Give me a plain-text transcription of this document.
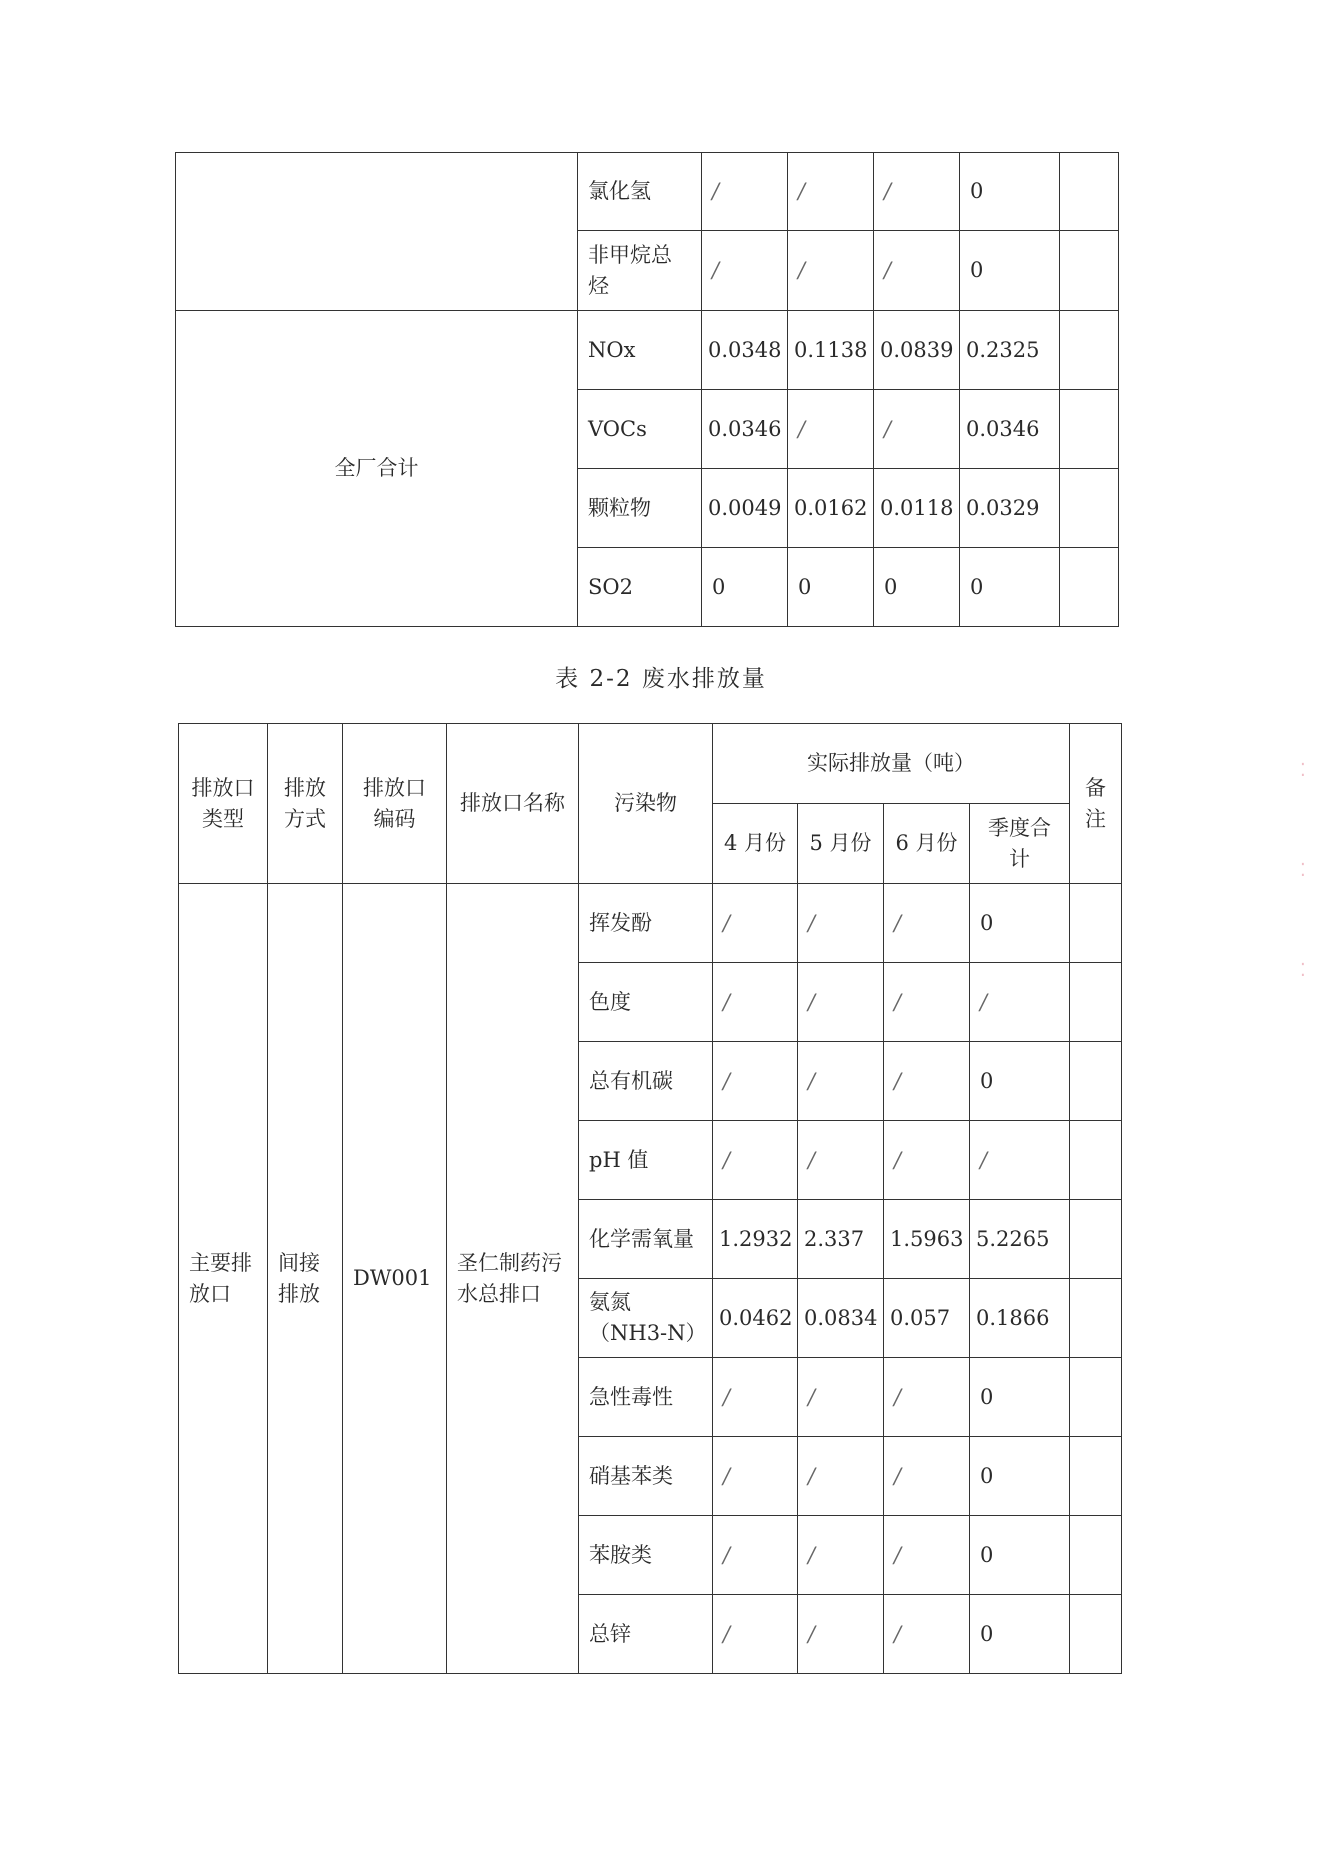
	氯化氢	/	/	/	0	
	非甲烷总烃	/	/	/	0	
全厂合计	NOx	0.0348	0.1138	0.0839	0.2325	
	VOCs	0.0346	/	/	0.0346	
	颗粒物	0.0049	0.0162	0.0118	0.0329	
	SO2	0	0	0	0	
表 2-2 废水排放量
排放口类型	排放方式	排放口编码	排放口名称	污染物	实际排放量（吨）				备注
					4 月份	5 月份	6 月份	季度合计	
主要排放口	间接排放	DW001	圣仁制药污水总排口	挥发酚	/	/	/	0	
				色度	/	/	/	/	
				总有机碳	/	/	/	0	
				pH 值	/	/	/	/	
				化学需氧量	1.2932	2.337	1.5963	5.2265	
				氨氮（NH3-N）	0.0462	0.0834	0.057	0.1866	
				急性毒性	/	/	/	0	
				硝基苯类	/	/	/	0	
				苯胺类	/	/	/	0	
				总锌	/	/	/	0	
⁚
⁚
⁚
